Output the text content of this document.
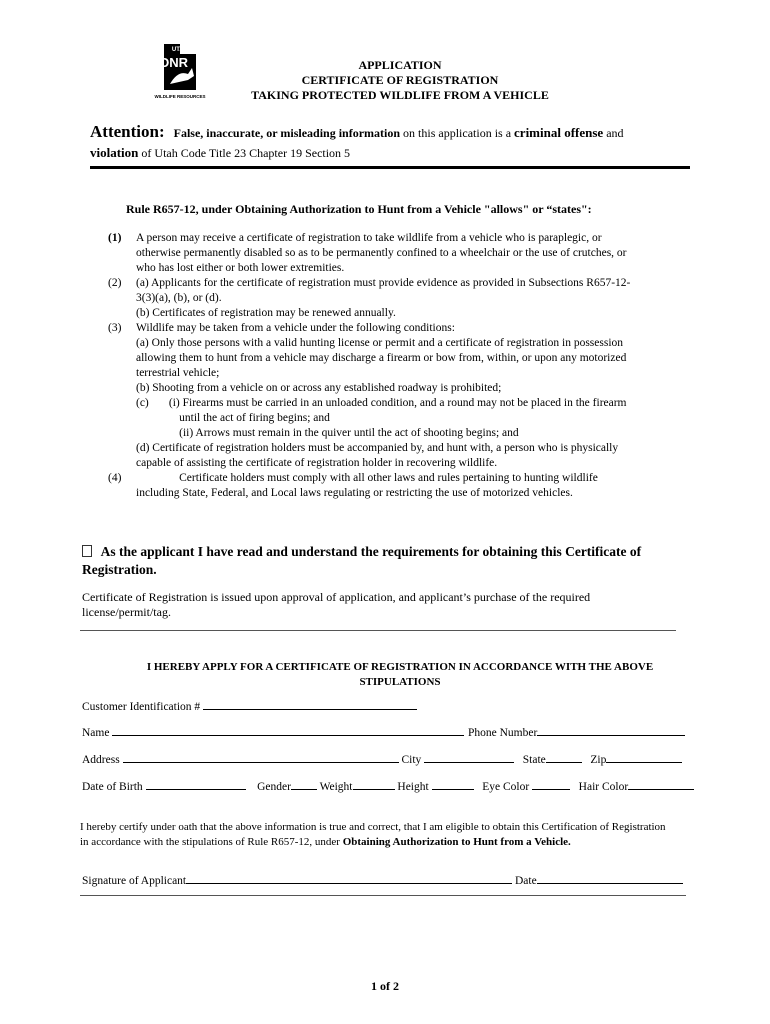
UTAH
DNR
WILDLIFE RESOURCES
APPLICATION
CERTIFICATE OF REGISTRATION
TAKING PROTECTED WILDLIFE FROM A VEHICLE
Attention: False, inaccurate, or misleading information on this application is a criminal offense and
violation of Utah Code Title 23 Chapter 19 Section 5
Rule R657-12, under Obtaining Authorization to Hunt from a Vehicle "allows" or “states":
(1) A person may receive a certificate of registration to take wildlife from a vehicle who is paraplegic, or
otherwise permanently disabled so as to be permanently confined to a wheelchair or the use of crutches, or
who has lost either or both lower extremities.
(2) (a) Applicants for the certificate of registration must provide evidence as provided in Subsections R657-12-
3(3)(a), (b), or (d).
(b) Certificates of registration may be renewed annually.
(3) Wildlife may be taken from a vehicle under the following conditions:
(a) Only those persons with a valid hunting license or permit and a certificate of registration in possession
allowing them to hunt from a vehicle may discharge a firearm or bow from, within, or upon any motorized
terrestrial vehicle;
(b) Shooting from a vehicle on or across any established roadway is prohibited;
(c)       (i) Firearms must be carried in an unloaded condition, and a round may not be placed in the firearm
until the act of firing begins; and
(ii) Arrows must remain in the quiver until the act of shooting begins; and
(d) Certificate of registration holders must be accompanied by, and hunt with, a person who is physically
capable of assisting the certificate of registration holder in recovering wildlife.
(4) Certificate holders must comply with all other laws and rules pertaining to hunting wildlife
including State, Federal, and Local laws regulating or restricting the use of motorized vehicles.
As the applicant I have read and understand the requirements for obtaining this Certificate of
Registration.
Certificate of Registration is issued upon approval of application, and applicant’s purchase of the required
license/permit/tag.
I HEREBY APPLY FOR A CERTIFICATE OF REGISTRATION IN ACCORDANCE WITH THE ABOVE
STIPULATIONS
Customer Identification #
Name	Phone Number
Address	City	State	Zip
Date of Birth	Gender Weight	Height	Eye Color	Hair Color
I hereby certify under oath that the above information is true and correct, that I am eligible to obtain this Certification of Registration
in accordance with the stipulations of Rule R657-12, under Obtaining Authorization to Hunt from a Vehicle.
Signature of Applicant	Date
1 of 2
